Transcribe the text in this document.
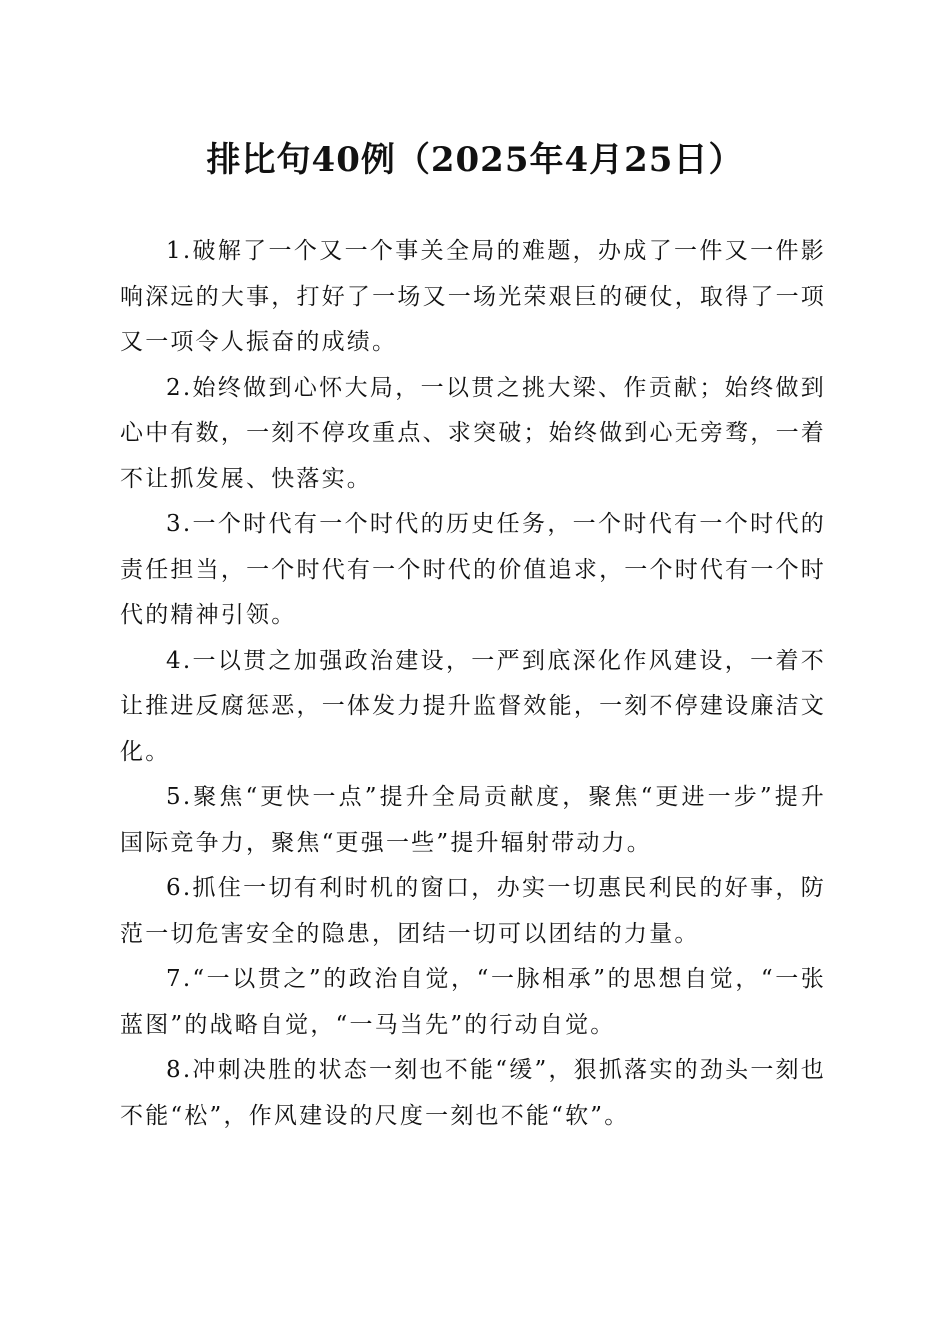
排比句40例（2025年4月25日）

1.破解了一个又一个事关全局的难题，办成了一件又一件影响深远的大事，打好了一场又一场光荣艰巨的硬仗，取得了一项又一项令人振奋的成绩。

2.始终做到心怀大局，一以贯之挑大梁、作贡献；始终做到心中有数，一刻不停攻重点、求突破；始终做到心无旁骛，一着不让抓发展、快落实。

3.一个时代有一个时代的历史任务，一个时代有一个时代的责任担当，一个时代有一个时代的价值追求，一个时代有一个时代的精神引领。

4.一以贯之加强政治建设，一严到底深化作风建设，一着不让推进反腐惩恶，一体发力提升监督效能，一刻不停建设廉洁文化。

5.聚焦“更快一点”提升全局贡献度，聚焦“更进一步”提升国际竞争力，聚焦“更强一些”提升辐射带动力。

6.抓住一切有利时机的窗口，办实一切惠民利民的好事，防范一切危害安全的隐患，团结一切可以团结的力量。

7.“一以贯之”的政治自觉，“一脉相承”的思想自觉，“一张蓝图”的战略自觉，“一马当先”的行动自觉。

8.冲刺决胜的状态一刻也不能“缓”，狠抓落实的劲头一刻也不能“松”，作风建设的尺度一刻也不能“软”。
